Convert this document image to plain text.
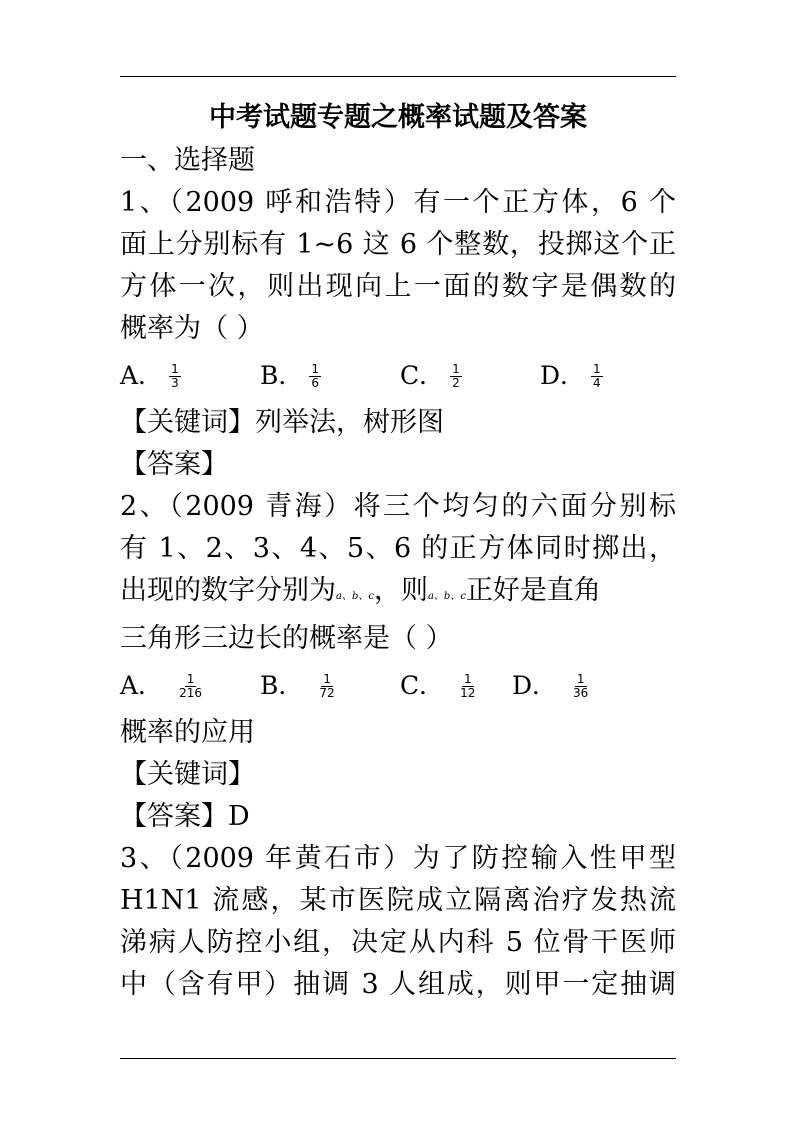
中考试题专题之概率试题及答案
一、选择题
1、（2009 呼和浩特）有一个正方体，6 个
面上分别标有 1~6 这 6 个整数，投掷这个正
方体一次，则出现向上一面的数字是偶数的
概率为（ ）
A． $\frac{1}{3}$	B． $\frac{1}{6}$	C． $\frac{1}{2}$	D． $\frac{1}{4}$
【关键词】列举法，树形图
【答案】
2、（2009 青海）将三个均匀的六面分别标
有 1、2、3、4、5、6 的正方体同时掷出，
出现的数字分别为a、b、c，则a、b、c正好是直角
三角形三边长的概率是（ ）
A． $\frac{1}{216}$ B． $\frac{1}{72}$	C． $\frac{1}{12}$ D． $\frac{1}{36}$
概率的应用
【关键词】
【答案】D
3、（2009 年黄石市）为了防控输入性甲型
H1N1 流感，某市医院成立隔离治疗发热流
涕病人防控小组，决定从内科 5 位骨干医师
中（含有甲）抽调 3 人组成，则甲一定抽调
